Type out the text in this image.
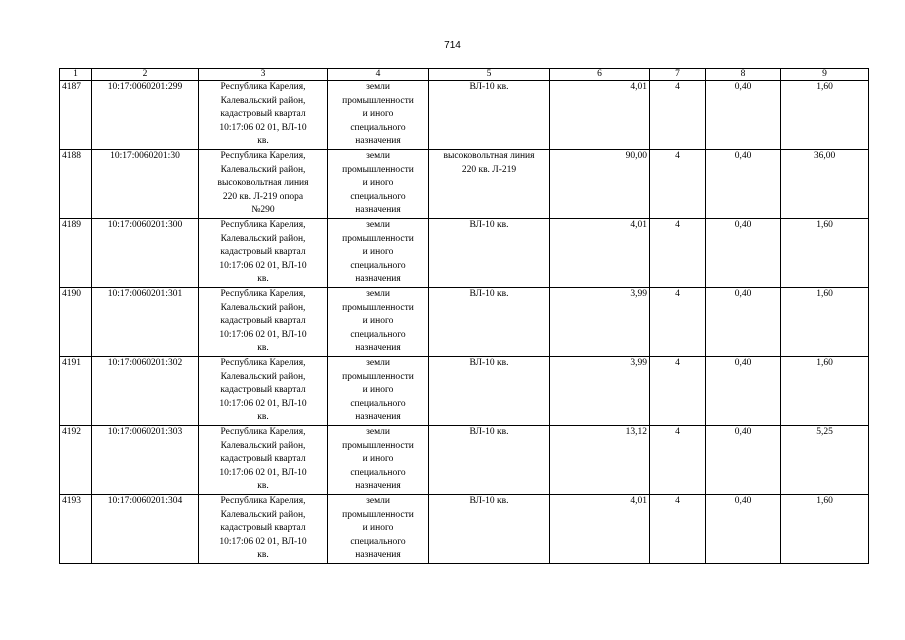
714
1	2	3	4	5	6	7	8	9
4187	10:17:0060201:299	Республика Карелия,
Калевальский район,
кадастровый квартал
10:17:06 02 01, ВЛ-10
кв.	земли
промышленности
и иного
специального
назначения	ВЛ-10 кв.	4,01	4	0,40	1,60
4188	10:17:0060201:30	Республика Карелия,
Калевальский район,
высоковольтная линия
220 кв. Л-219 опора
№290	земли
промышленности
и иного
специального
назначения	высоковольтная линия
220 кв. Л-219	90,00	4	0,40	36,00
4189	10:17:0060201:300	Республика Карелия,
Калевальский район,
кадастровый квартал
10:17:06 02 01, ВЛ-10
кв.	земли
промышленности
и иного
специального
назначения	ВЛ-10 кв.	4,01	4	0,40	1,60
4190	10:17:0060201:301	Республика Карелия,
Калевальский район,
кадастровый квартал
10:17:06 02 01, ВЛ-10
кв.	земли
промышленности
и иного
специального
назначения	ВЛ-10 кв.	3,99	4	0,40	1,60
4191	10:17:0060201:302	Республика Карелия,
Калевальский район,
кадастровый квартал
10:17:06 02 01, ВЛ-10
кв.	земли
промышленности
и иного
специального
назначения	ВЛ-10 кв.	3,99	4	0,40	1,60
4192	10:17:0060201:303	Республика Карелия,
Калевальский район,
кадастровый квартал
10:17:06 02 01, ВЛ-10
кв.	земли
промышленности
и иного
специального
назначения	ВЛ-10 кв.	13,12	4	0,40	5,25
4193	10:17:0060201:304	Республика Карелия,
Калевальский район,
кадастровый квартал
10:17:06 02 01, ВЛ-10
кв.	земли
промышленности
и иного
специального
назначения	ВЛ-10 кв.	4,01	4	0,40	1,60
